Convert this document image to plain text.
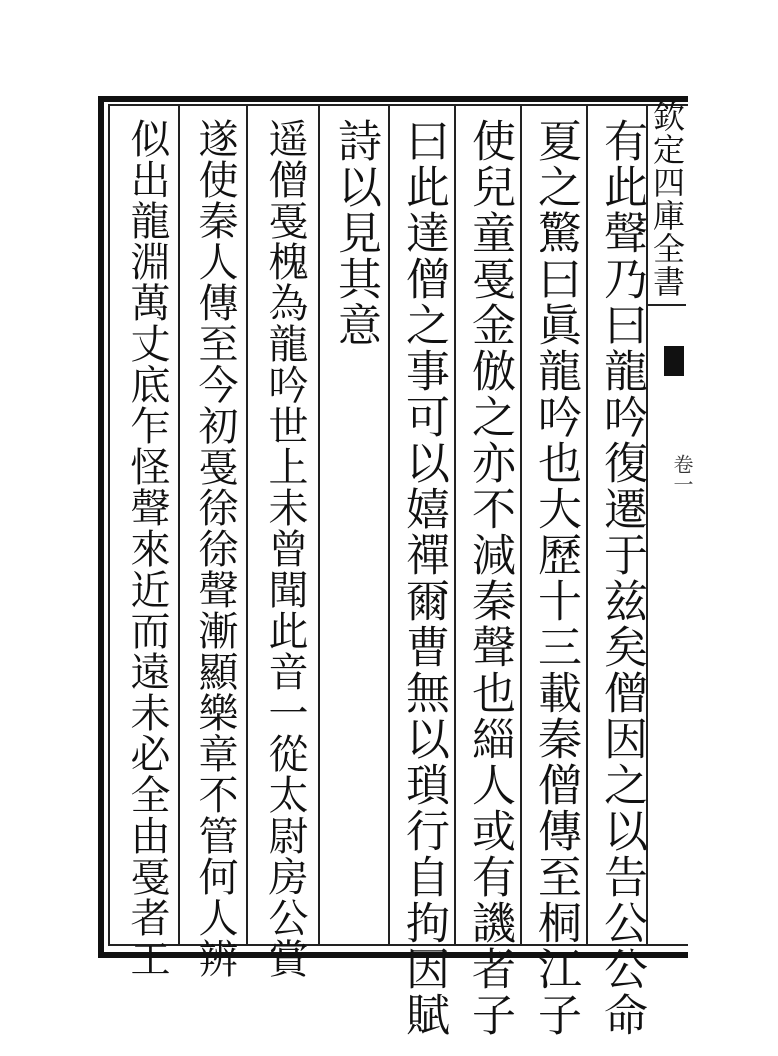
欽定四庫全書
卷一
有此聲乃曰龍吟復遷于兹矣僧因之以告公公命
夏之驚曰眞龍吟也大歷十三載秦僧傳至桐江子
使兒童戞金倣之亦不減秦聲也緇人或有譏者子
曰此達僧之事可以嬉禪爾曹無以瑣行自拘因賦
詩以見其意
遥僧戞槐為龍吟世上未曾聞此音一從太尉房公賞
遂使秦人傳至今初戞徐徐聲漸顯樂章不管何人辨
似出龍淵萬丈底乍怪聲來近而遠未必全由戞者工
